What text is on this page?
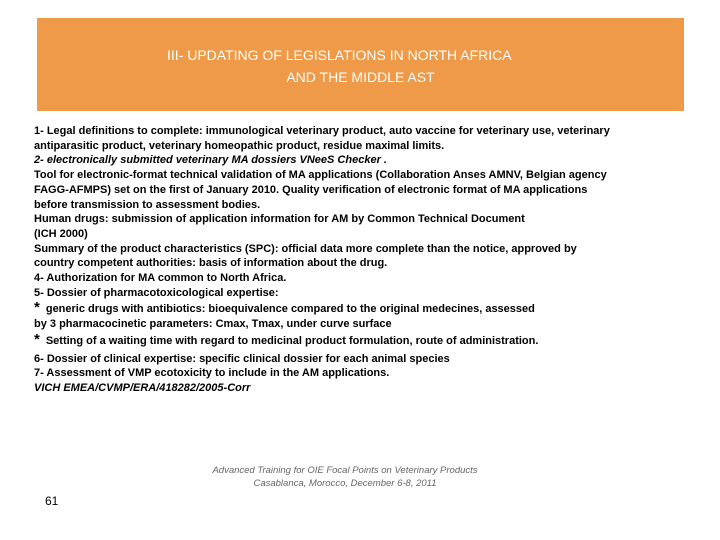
III- UPDATING OF LEGISLATIONS IN NORTH AFRICA
AND THE MIDDLE AST

1- Legal definitions to complete: immunological veterinary product, auto vaccine for veterinary use, veterinary

antiparasitic product, veterinary homeopathic product, residue maximal limits.

2- electronically submitted veterinary MA dossiers VNeeS Checker .

Tool for electronic-format technical validation of MA applications (Collaboration Anses AMNV, Belgian agency

FAGG-AFMPS) set on the first of January 2010. Quality verification of electronic format of MA applications

before transmission to assessment bodies.

Human drugs: submission of application information for AM by Common Technical Document

(ICH 2000)

Summary of the product characteristics (SPC): official data more complete than the notice, approved by

country competent authorities: basis of information about the drug.

4- Authorization for MA common to North Africa.

5- Dossier of pharmacotoxicological expertise:

* generic drugs with antibiotics: bioequivalence compared to the original medecines, assessed

by 3 pharmacocinetic parameters: Cmax, Tmax, under curve surface

* Setting of a waiting time with regard to medicinal product formulation, route of administration.

6- Dossier of clinical expertise: specific clinical dossier for each animal species

7- Assessment of VMP ecotoxicity to include in the AM applications.

VICH EMEA/CVMP/ERA/418282/2005-Corr

Advanced Training for OIE Focal Points on Veterinary Products
Casablanca, Morocco, December 6-8, 2011
61
